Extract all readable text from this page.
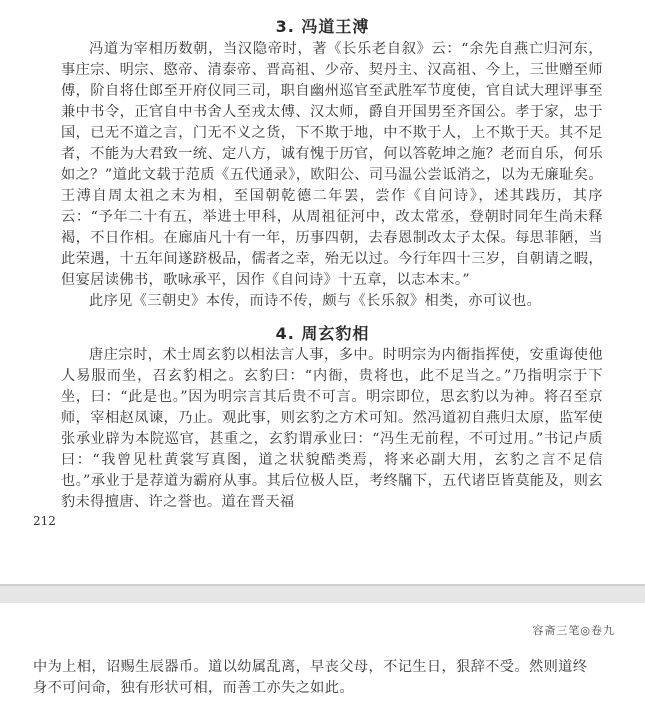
3. 冯道王溥

冯道为宰相历数朝，当汉隐帝时，著《长乐老自叙》云：“余先自燕亡归河东，事庄宗、明宗、愍帝、清泰帝、晋高祖、少帝、契丹主、汉高祖、今上，三世赠至师傅，阶自将仕郎至开府仪同三司，职自幽州巡官至武胜军节度使，官自试大理评事至兼中书令，正官自中书舍人至戎太傅、汉太师，爵自开国男至齐国公。孝于家，忠于国，已无不道之言，门无不义之货，下不欺于地，中不欺于人，上不欺于天。其不足者，不能为大君致一统、定八方，诚有愧于历官，何以答乾坤之施？老而自乐，何乐如之？”道此文载于范质《五代通录》，欧阳公、司马温公尝诋消之，以为无廉耻矣。王溥自周太祖之末为相，至国朝乾德二年罢，尝作《自问诗》，述其践历，其序云：“予年二十有五，举进士甲科，从周祖征河中，改太常丞，登朝时同年生尚未释褐，不日作相。在廊庙凡十有一年，历事四朝，去春恩制改太子太保。每思菲陋，当此荣遇，十五年间遂跻极品，儒者之幸，殆无以过。今行年四十三岁，自朝请之暇，但宴居读佛书，歌咏承平，因作《自问诗》十五章，以志本末。”

此序见《三朝史》本传，而诗不传，颇与《长乐叙》相类，亦可议也。

4. 周玄豹相

唐庄宗时，术士周玄豹以相法言人事，多中。时明宗为内衙指挥使，安重诲使他人易服而坐，召玄豹相之。玄豹曰：“内衙，贵将也，此不足当之。”乃指明宗于下坐，曰：“此是也。”因为明宗言其后贵不可言。明宗即位，思玄豹以为神。将召至京师，宰相赵凤谏，乃止。观此事，则玄豹之方术可知。然冯道初自燕归太原，监军使张承业辟为本院巡官，甚重之，玄豹谓承业曰：“冯生无前程，不可过用。”书记卢质曰：“我曾见杜黄裳写真图，道之状貌酷类焉，将来必副大用，玄豹之言不足信也。”承业于是荐道为霸府从事。其后位极人臣，考终牖下，五代诸臣皆莫能及，则玄豹未得擅唐、许之誉也。道在晋天福

212
容斋三笔◎卷九

中为上相，诏赐生辰器币。道以幼属乱离，早丧父母，不记生日，狠辞不受。然则道终身不可问命，独有形状可相，而善工亦失之如此。
